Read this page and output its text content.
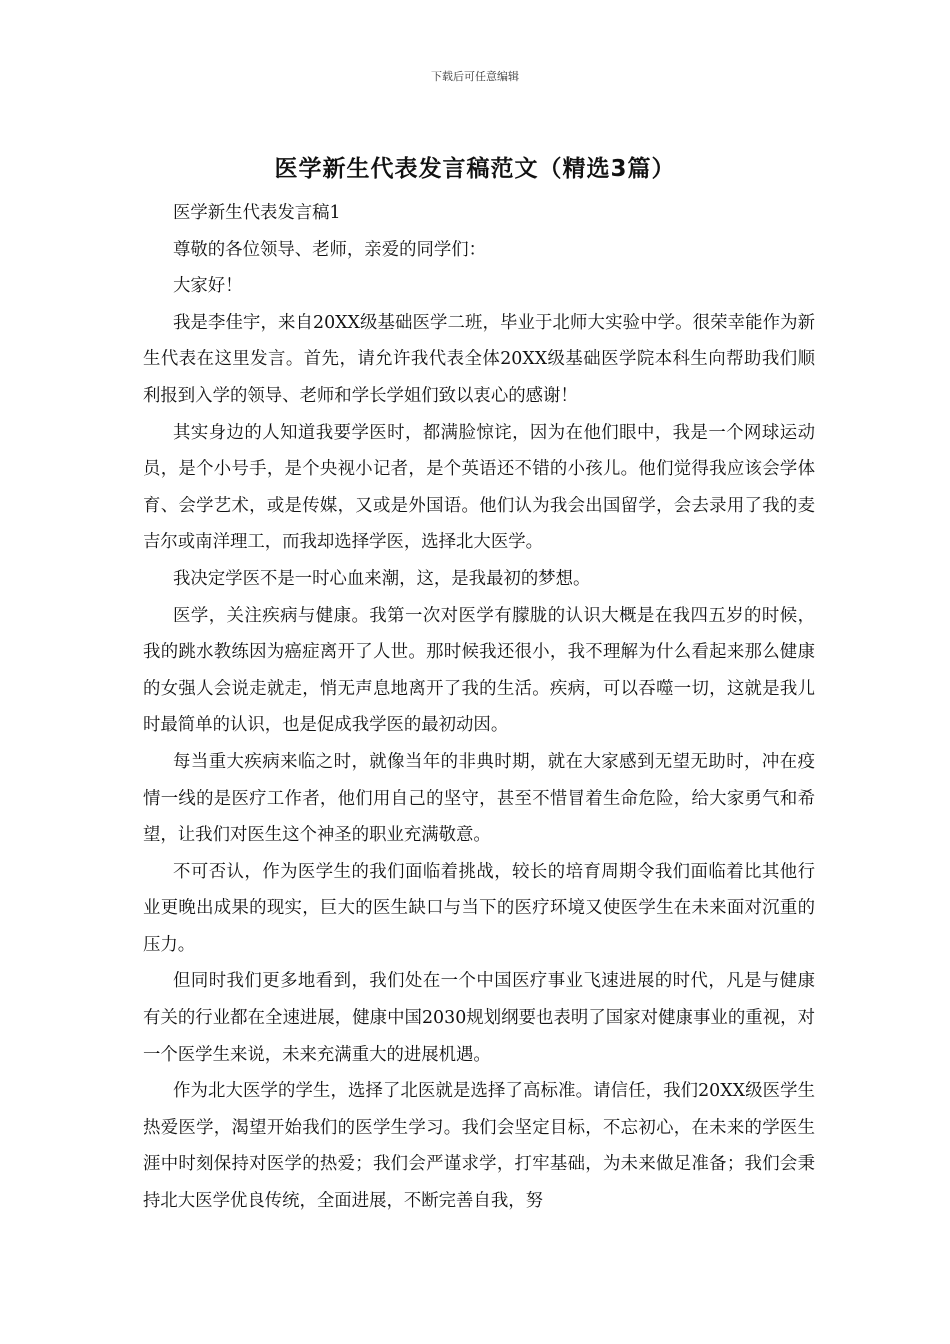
下载后可任意编辑
医学新生代表发言稿范文（精选3篇）

医学新生代表发言稿1

尊敬的各位领导、老师，亲爱的同学们：

大家好！

我是李佳宇，来自20XX级基础医学二班，毕业于北师大实验中学。很荣幸能作为新生代表在这里发言。首先，请允许我代表全体20XX级基础医学院本科生向帮助我们顺利报到入学的领导、老师和学长学姐们致以衷心的感谢！

其实身边的人知道我要学医时，都满脸惊诧，因为在他们眼中，我是一个网球运动员，是个小号手，是个央视小记者，是个英语还不错的小孩儿。他们觉得我应该会学体育、会学艺术，或是传媒，又或是外国语。他们认为我会出国留学，会去录用了我的麦吉尔或南洋理工，而我却选择学医，选择北大医学。

我决定学医不是一时心血来潮，这，是我最初的梦想。

医学，关注疾病与健康。我第一次对医学有朦胧的认识大概是在我四五岁的时候，我的跳水教练因为癌症离开了人世。那时候我还很小，我不理解为什么看起来那么健康的女强人会说走就走，悄无声息地离开了我的生活。疾病，可以吞噬一切，这就是我儿时最简单的认识，也是促成我学医的最初动因。

每当重大疾病来临之时，就像当年的非典时期，就在大家感到无望无助时，冲在疫情一线的是医疗工作者，他们用自己的坚守，甚至不惜冒着生命危险，给大家勇气和希望，让我们对医生这个神圣的职业充满敬意。

不可否认，作为医学生的我们面临着挑战，较长的培育周期令我们面临着比其他行业更晚出成果的现实，巨大的医生缺口与当下的医疗环境又使医学生在未来面对沉重的压力。

但同时我们更多地看到，我们处在一个中国医疗事业飞速进展的时代，凡是与健康有关的行业都在全速进展，健康中国2030规划纲要也表明了国家对健康事业的重视，对一个医学生来说，未来充满重大的进展机遇。

作为北大医学的学生，选择了北医就是选择了高标准。请信任，我们20XX级医学生热爱医学，渴望开始我们的医学生学习。我们会坚定目标，不忘初心，在未来的学医生涯中时刻保持对医学的热爱；我们会严谨求学，打牢基础，为未来做足准备；我们会秉持北大医学优良传统，全面进展，不断完善自我，努
